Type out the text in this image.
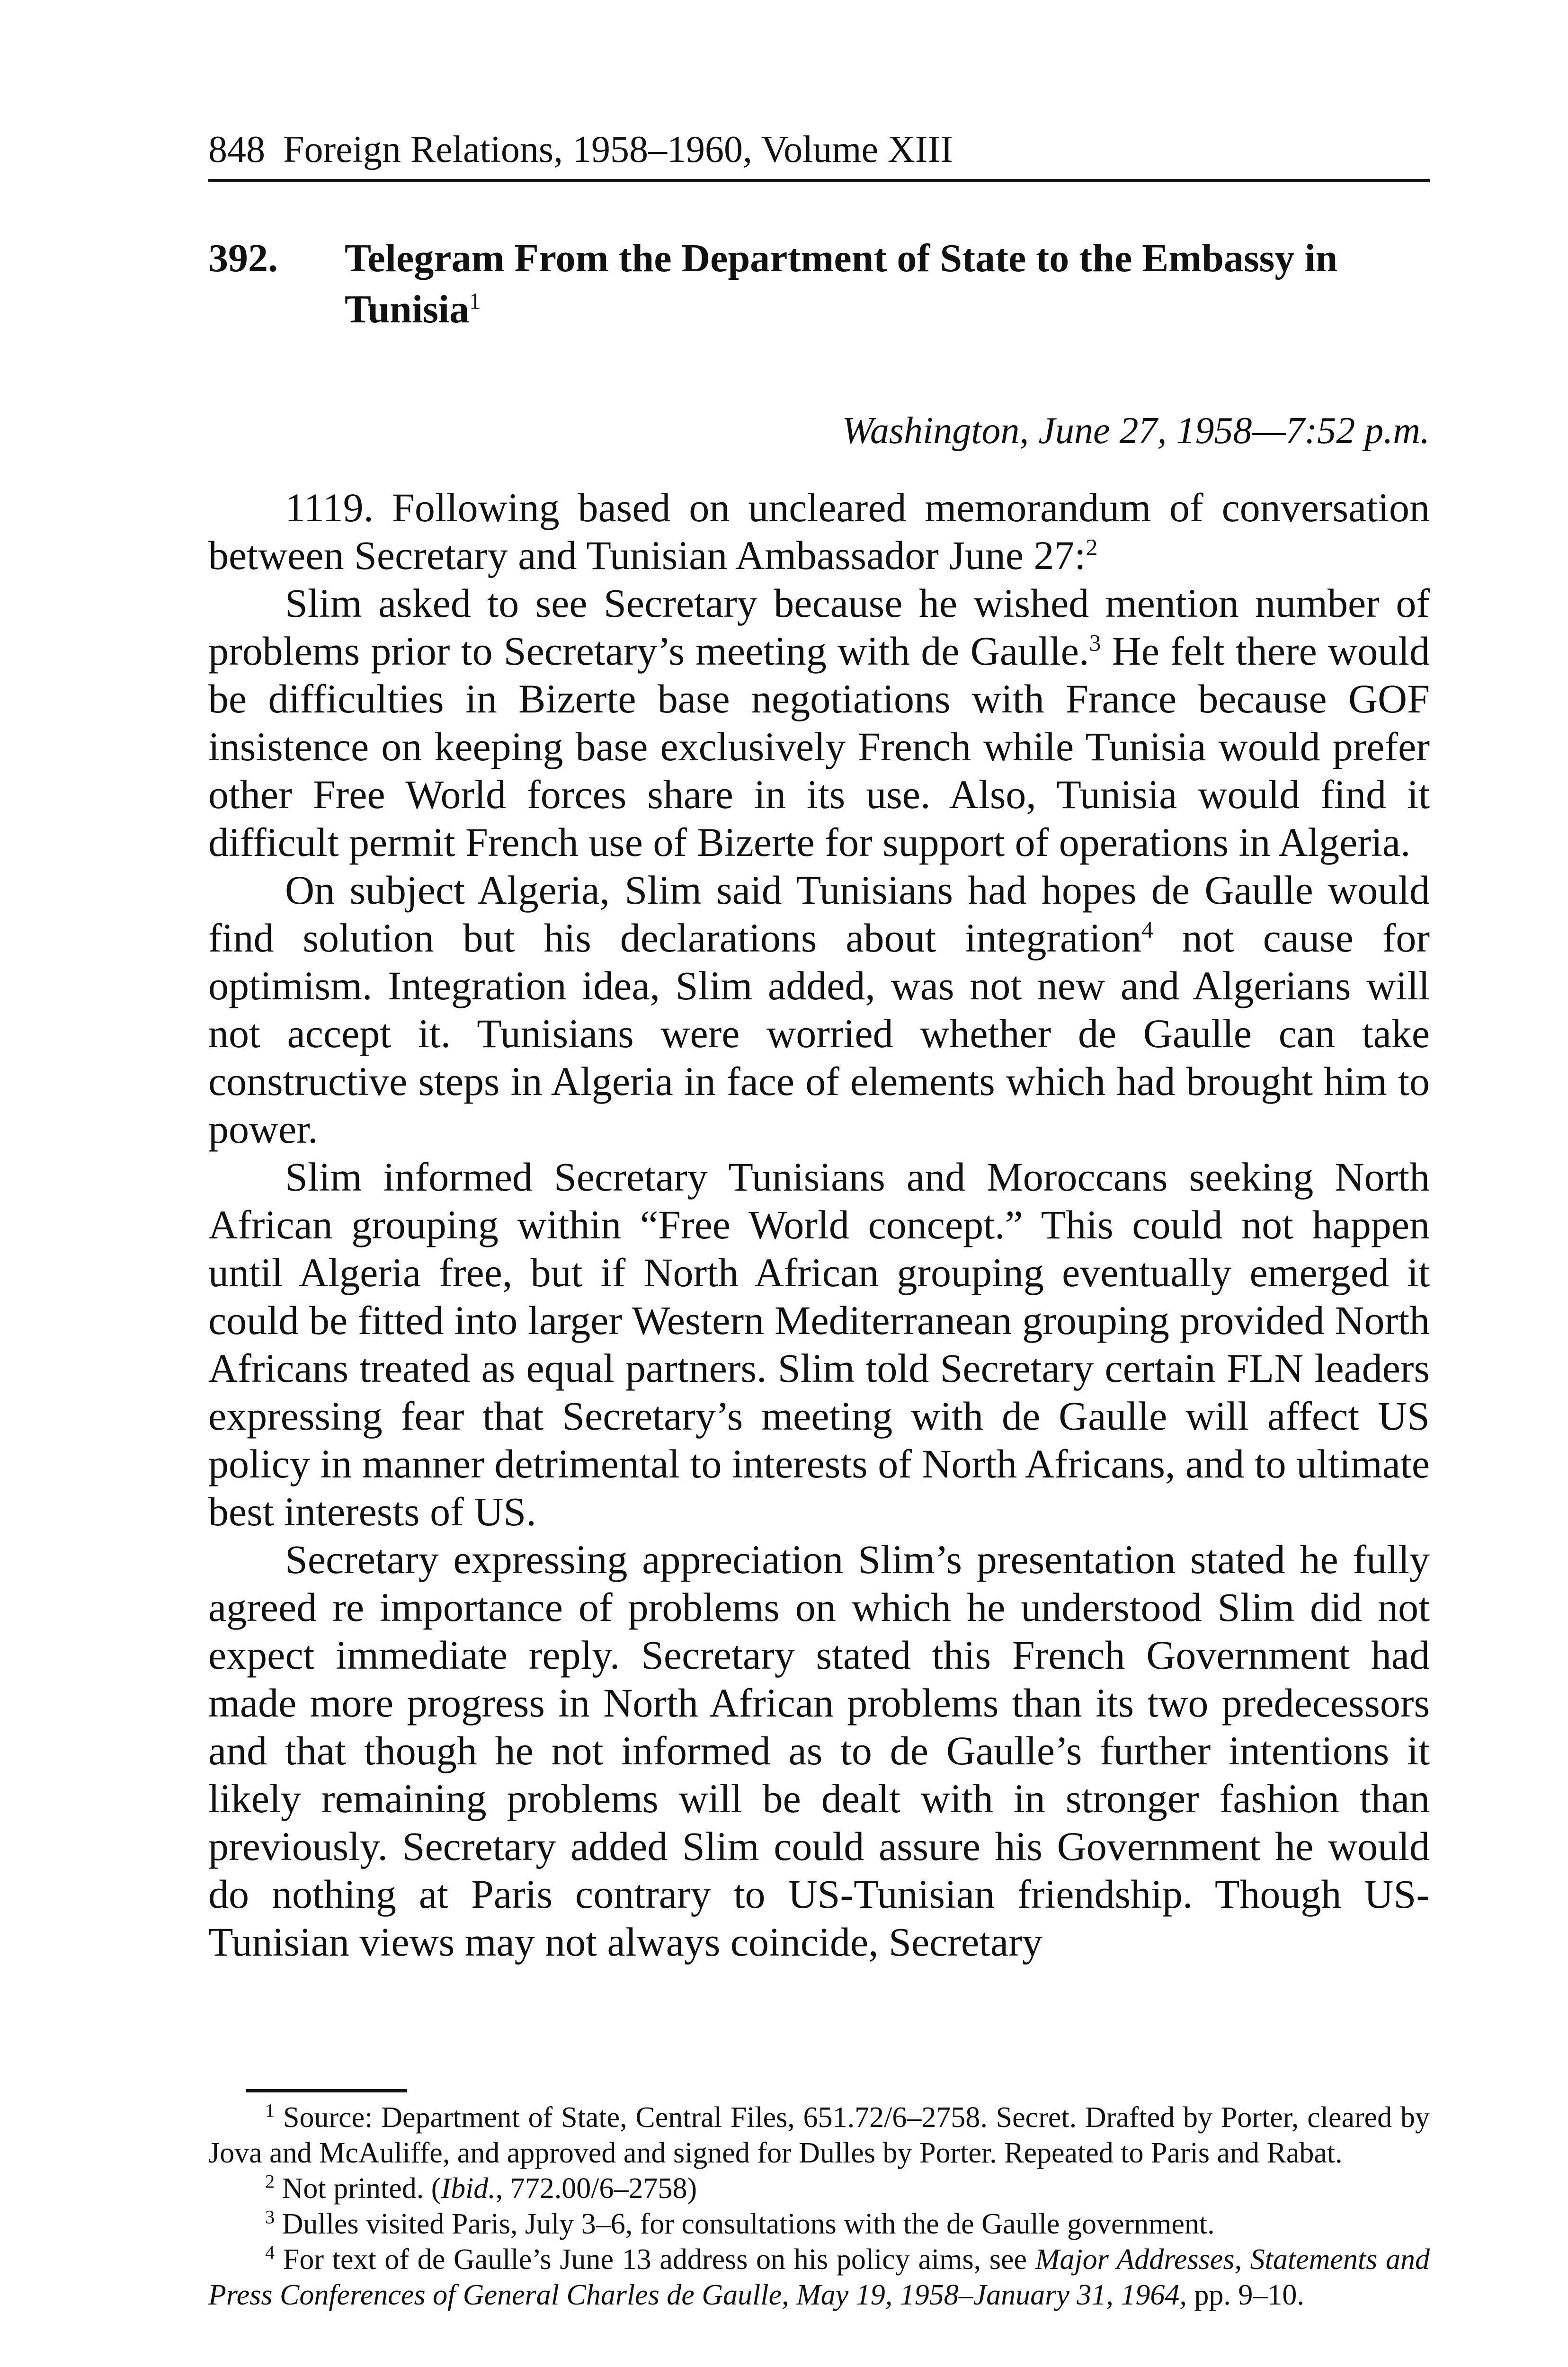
848 Foreign Relations, 1958–1960, Volume XIII
392. Telegram From the Department of State to the Embassy in Tunisia$^1$
Washington, June 27, 1958—7:52 p.m.

1119. Following based on uncleared memorandum of conversation between Secretary and Tunisian Ambassador June 27:$^2$

Slim asked to see Secretary because he wished mention number of problems prior to Secretary’s meeting with de Gaulle.$^3$ He felt there would be difficulties in Bizerte base negotiations with France because GOF insistence on keeping base exclusively French while Tunisia would prefer other Free World forces share in its use. Also, Tunisia would find it difficult permit French use of Bizerte for support of operations in Algeria.

On subject Algeria, Slim said Tunisians had hopes de Gaulle would find solution but his declarations about integration$^4$ not cause for optimism. Integration idea, Slim added, was not new and Algerians will not accept it. Tunisians were worried whether de Gaulle can take constructive steps in Algeria in face of elements which had brought him to power.

Slim informed Secretary Tunisians and Moroccans seeking North African grouping within “Free World concept.” This could not happen until Algeria free, but if North African grouping eventually emerged it could be fitted into larger Western Mediterranean grouping provided North Africans treated as equal partners. Slim told Secretary certain FLN leaders expressing fear that Secretary’s meeting with de Gaulle will affect US policy in manner detrimental to interests of North Africans, and to ultimate best interests of US.

Secretary expressing appreciation Slim’s presentation stated he fully agreed re importance of problems on which he understood Slim did not expect immediate reply. Secretary stated this French Government had made more progress in North African problems than its two predecessors and that though he not informed as to de Gaulle’s further intentions it likely remaining problems will be dealt with in stronger fashion than previously. Secretary added Slim could assure his Government he would do nothing at Paris contrary to US-Tunisian friendship. Though US-Tunisian views may not always coincide, Secretary

$^1$ Source: Department of State, Central Files, 651.72/6–2758. Secret. Drafted by Porter, cleared by Jova and McAuliffe, and approved and signed for Dulles by Porter. Repeated to Paris and Rabat.

$^2$ Not printed. (Ibid., 772.00/6–2758)

$^3$ Dulles visited Paris, July 3–6, for consultations with the de Gaulle government.

$^4$ For text of de Gaulle’s June 13 address on his policy aims, see Major Addresses, Statements and Press Conferences of General Charles de Gaulle, May 19, 1958–January 31, 1964, pp. 9–10.
